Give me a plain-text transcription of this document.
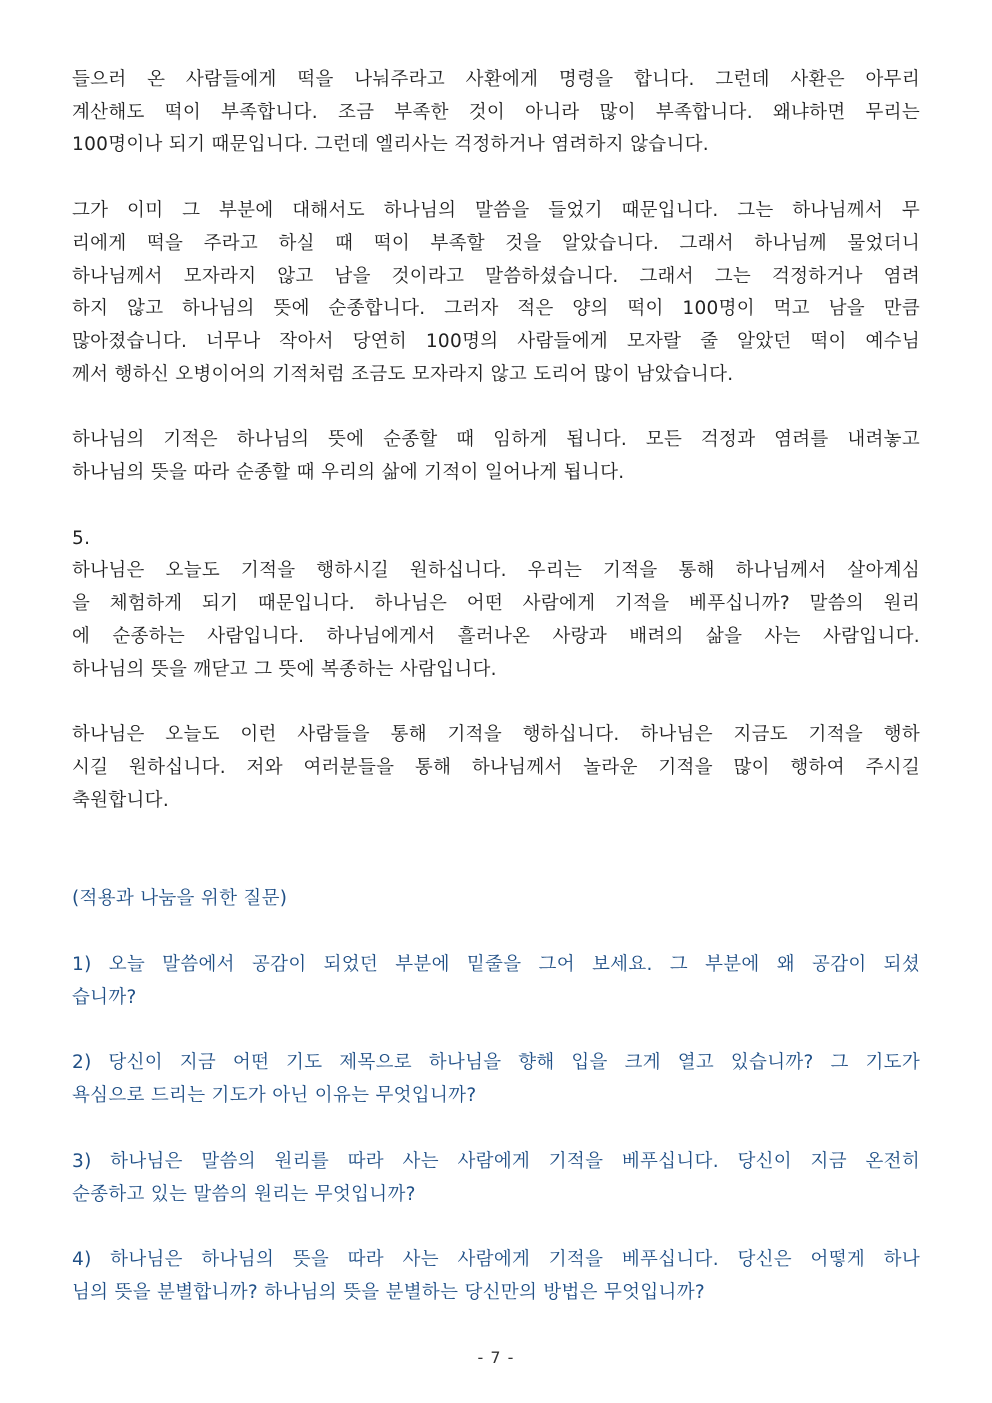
들으러 온 사람들에게 떡을 나눠주라고 사환에게 명령을 합니다. 그런데 사환은 아무리
계산해도 떡이 부족합니다. 조금 부족한 것이 아니라 많이 부족합니다. 왜냐하면 무리는
100명이나 되기 때문입니다. 그런데 엘리사는 걱정하거나 염려하지 않습니다.

그가 이미 그 부분에 대해서도 하나님의 말씀을 들었기 때문입니다. 그는 하나님께서 무
리에게 떡을 주라고 하실 때 떡이 부족할 것을 알았습니다. 그래서 하나님께 물었더니
하나님께서 모자라지 않고 남을 것이라고 말씀하셨습니다. 그래서 그는 걱정하거나 염려
하지 않고 하나님의 뜻에 순종합니다. 그러자 적은 양의 떡이 100명이 먹고 남을 만큼
많아졌습니다. 너무나 작아서 당연히 100명의 사람들에게 모자랄 줄 알았던 떡이 예수님
께서 행하신 오병이어의 기적처럼 조금도 모자라지 않고 도리어 많이 남았습니다.

하나님의 기적은 하나님의 뜻에 순종할 때 임하게 됩니다. 모든 걱정과 염려를 내려놓고
하나님의 뜻을 따라 순종할 때 우리의 삶에 기적이 일어나게 됩니다.

5.
하나님은 오늘도 기적을 행하시길 원하십니다. 우리는 기적을 통해 하나님께서 살아계심
을 체험하게 되기 때문입니다. 하나님은 어떤 사람에게 기적을 베푸십니까? 말씀의 원리
에 순종하는 사람입니다. 하나님에게서 흘러나온 사랑과 배려의 삶을 사는 사람입니다.
하나님의 뜻을 깨닫고 그 뜻에 복종하는 사람입니다.

하나님은 오늘도 이런 사람들을 통해 기적을 행하십니다. 하나님은 지금도 기적을 행하
시길 원하십니다. 저와 여러분들을 통해 하나님께서 놀라운 기적을 많이 행하여 주시길
축원합니다.

(적용과 나눔을 위한 질문)

1) 오늘 말씀에서 공감이 되었던 부분에 밑줄을 그어 보세요. 그 부분에 왜 공감이 되셨
습니까?

2) 당신이 지금 어떤 기도 제목으로 하나님을 향해 입을 크게 열고 있습니까? 그 기도가
욕심으로 드리는 기도가 아닌 이유는 무엇입니까?

3) 하나님은 말씀의 원리를 따라 사는 사람에게 기적을 베푸십니다. 당신이 지금 온전히
순종하고 있는 말씀의 원리는 무엇입니까?

4) 하나님은 하나님의 뜻을 따라 사는 사람에게 기적을 베푸십니다. 당신은 어떻게 하나
님의 뜻을 분별합니까? 하나님의 뜻을 분별하는 당신만의 방법은 무엇입니까?

- 7 -
